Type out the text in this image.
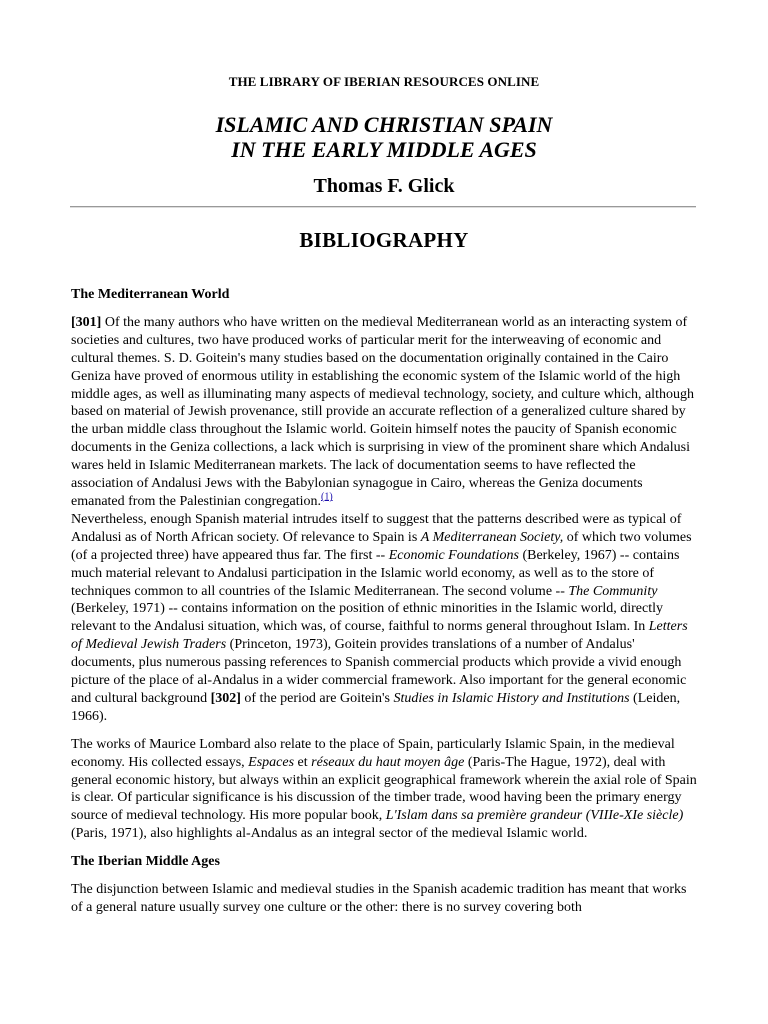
THE LIBRARY OF IBERIAN RESOURCES ONLINE
ISLAMIC AND CHRISTIAN SPAIN
IN THE EARLY MIDDLE AGES
Thomas F. Glick
BIBLIOGRAPHY
The Mediterranean World

[301] Of the many authors who have written on the medieval Mediterranean world as an interacting system of societies and cultures, two have produced works of particular merit for the interweaving of economic and cultural themes. S. D. Goitein's many studies based on the documentation originally contained in the Cairo Geniza have proved of enormous utility in establishing the economic system of the Islamic world of the high middle ages, as well as illuminating many aspects of medieval technology, society, and culture which, although based on material of Jewish provenance, still provide an accurate reflection of a generalized culture shared by the urban middle class throughout the Islamic world. Goitein himself notes the paucity of Spanish economic documents in the Geniza collections, a lack which is surprising in view of the prominent share which Andalusi wares held in Islamic Mediterranean markets. The lack of documentation seems to have reflected the association of Andalusi Jews with the Babylonian synagogue in Cairo, whereas the Geniza documents emanated from the Palestinian congregation.$^{(1)}$

Nevertheless, enough Spanish material intrudes itself to suggest that the patterns described were as typical of Andalusi as of North African society. Of relevance to Spain is A Mediterranean Society, of which two volumes (of a projected three) have appeared thus far. The first -- Economic Foundations (Berkeley, 1967) -- contains much material relevant to Andalusi participation in the Islamic world economy, as well as to the store of techniques common to all countries of the Islamic Mediterranean. The second volume -- The Community (Berkeley, 1971) -- contains information on the position of ethnic minorities in the Islamic world, directly relevant to the Andalusi situation, which was, of course, faithful to norms general throughout Islam. In Letters of Medieval Jewish Traders (Princeton, 1973), Goitein provides translations of a number of Andalus' documents, plus numerous passing references to Spanish commercial products which provide a vivid enough picture of the place of al-Andalus in a wider commercial framework. Also important for the general economic and cultural background [302] of the period are Goitein's Studies in Islamic History and Institutions (Leiden, 1966).

The works of Maurice Lombard also relate to the place of Spain, particularly Islamic Spain, in the medieval economy. His collected essays, Espaces et réseaux du haut moyen âge (Paris-The Hague, 1972), deal with general economic history, but always within an explicit geographical framework wherein the axial role of Spain is clear. Of particular significance is his discussion of the timber trade, wood having been the primary energy source of medieval technology. His more popular book, L'Islam dans sa première grandeur (VIIIe-XIe siècle) (Paris, 1971), also highlights al-Andalus as an integral sector of the medieval Islamic world.

The Iberian Middle Ages

The disjunction between Islamic and medieval studies in the Spanish academic tradition has meant that works of a general nature usually survey one culture or the other: there is no survey covering both
